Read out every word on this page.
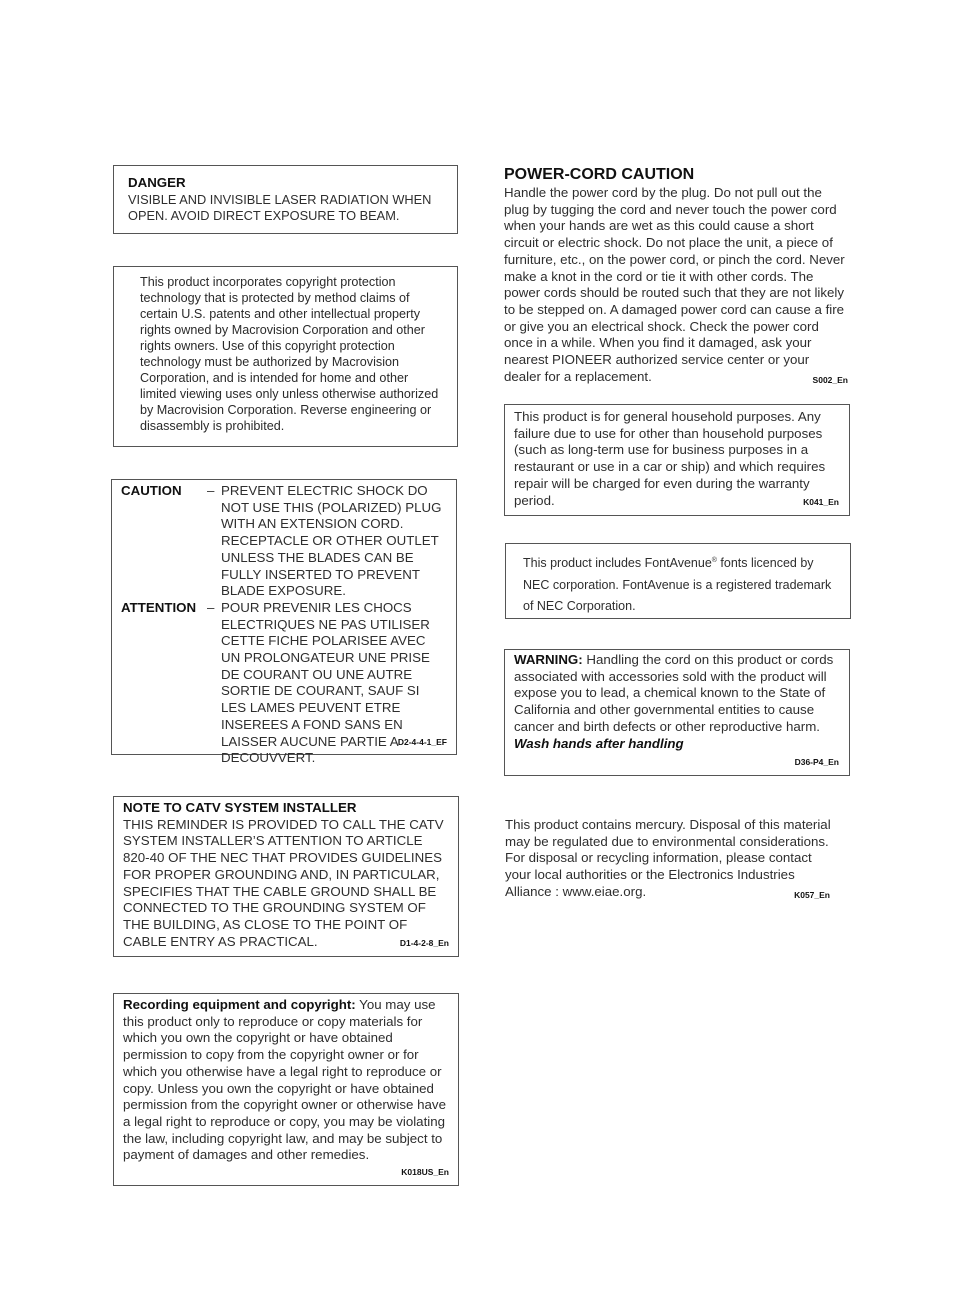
DANGER

VISIBLE AND INVISIBLE LASER RADIATION WHEN OPEN. AVOID DIRECT EXPOSURE TO BEAM.

This product incorporates copyright protection technology that is protected by method claims of certain U.S. patents and other intellectual property rights owned by Macrovision Corporation and other rights owners. Use of this copyright protection technology must be authorized by Macrovision Corporation, and is intended for home and other limited viewing uses only unless otherwise authorized by Macrovision Corporation. Reverse engineering or disassembly is prohibited.

CAUTION	– PREVENT ELECTRIC SHOCK DO NOT USE THIS (POLARIZED) PLUG WITH AN EXTENSION CORD. RECEPTACLE OR OTHER OUTLET UNLESS THE BLADES CAN BE FULLY INSERTED TO PREVENT BLADE EXPOSURE.
ATTENTION – POUR PREVENIR LES CHOCS ELECTRIQUES NE PAS UTILISER CETTE FICHE POLARISEE AVEC UN PROLONGATEUR UNE PRISE DE COURANT OU UNE AUTRE SORTIE DE COURANT, SAUF SI LES LAMES PEUVENT ETRE INSEREES A FOND SANS EN LAISSER AUCUNE PARTIE A DECOUVVERT.
D2-4-4-1_EF

NOTE TO CATV SYSTEM INSTALLER

THIS REMINDER IS PROVIDED TO CALL THE CATV SYSTEM INSTALLER’S ATTENTION TO ARTICLE 820-40 OF THE NEC THAT PROVIDES GUIDELINES FOR PROPER GROUNDING AND, IN PARTICULAR, SPECIFIES THAT THE CABLE GROUND SHALL BE CONNECTED TO THE GROUNDING SYSTEM OF THE BUILDING, AS CLOSE TO THE POINT OF CABLE ENTRY AS PRACTICAL.	D1-4-2-8_En

Recording equipment and copyright: You may use this product only to reproduce or copy materials for which you own the copyright or have obtained permission to copy from the copyright owner or for which you otherwise have a legal right to reproduce or copy. Unless you own the copyright or have obtained permission from the copyright owner or otherwise have a legal right to reproduce or copy, you may be violating the law, including copyright law, and may be subject to payment of damages and other remedies.

K018US_En

POWER-CORD CAUTION

Handle the power cord by the plug. Do not pull out the plug by tugging the cord and never touch the power cord when your hands are wet as this could cause a short circuit or electric shock. Do not place the unit, a piece of furniture, etc., on the power cord, or pinch the cord. Never make a knot in the cord or tie it with other cords. The power cords should be routed such that they are not likely to be stepped on. A damaged power cord can cause a fire or give you an electrical shock. Check the power cord once in a while. When you find it damaged, ask your nearest PIONEER authorized service center or your dealer for a replacement.	S002_En

This product is for general household purposes. Any failure due to use for other than household purposes (such as long-term use for business purposes in a restaurant or use in a car or ship) and which requires repair will be charged for even during the warranty period.	K041_En

This product includes FontAvenue® fonts licenced by NEC corporation. FontAvenue is a registered trademark of NEC Corporation.

WARNING: Handling the cord on this product or cords associated with accessories sold with the product will expose you to lead, a chemical known to the State of California and other governmental entities to cause cancer and birth defects or other reproductive harm.

Wash hands after handling

D36-P4_En

This product contains mercury. Disposal of this material may be regulated due to environmental considerations. For disposal or recycling information, please contact your local authorities or the Electronics Industries Alliance : www.eiae.org.	K057_En
